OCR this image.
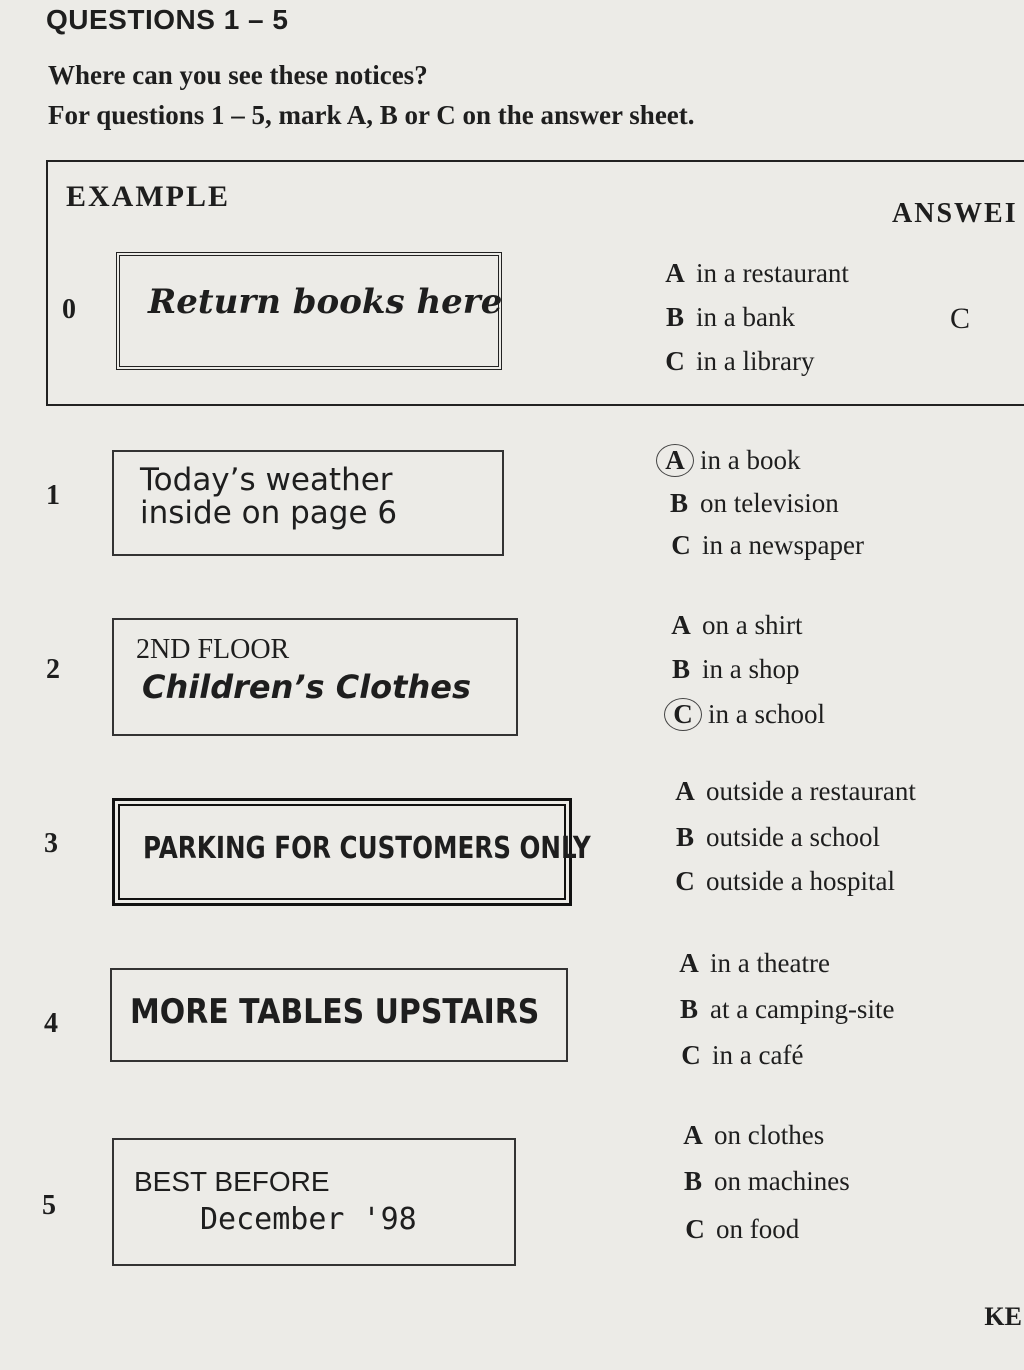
QUESTIONS 1 – 5
Where can you see these notices?
For questions 1 – 5, mark A, B or C on the answer sheet.
EXAMPLE
ANSWEI
0 Return books here
A in a restaurant
B in a bank
C in a library
C
1	Today’s weather
inside on page 6
A in a book
B on television
C in a newspaper
2
2ND FLOOR
Children’s Clothes
A on a shirt
B in a shop
C in a school
3	PARKING FOR CUSTOMERS ONLY
A outside a restaurant
B outside a school
C outside a hospital
4 MORE TABLES UPSTAIRS
A in a theatre
B at a camping-site
C in a café
5
BEST BEFORE
December '98
A on clothes
B on machines
C on food
KE
